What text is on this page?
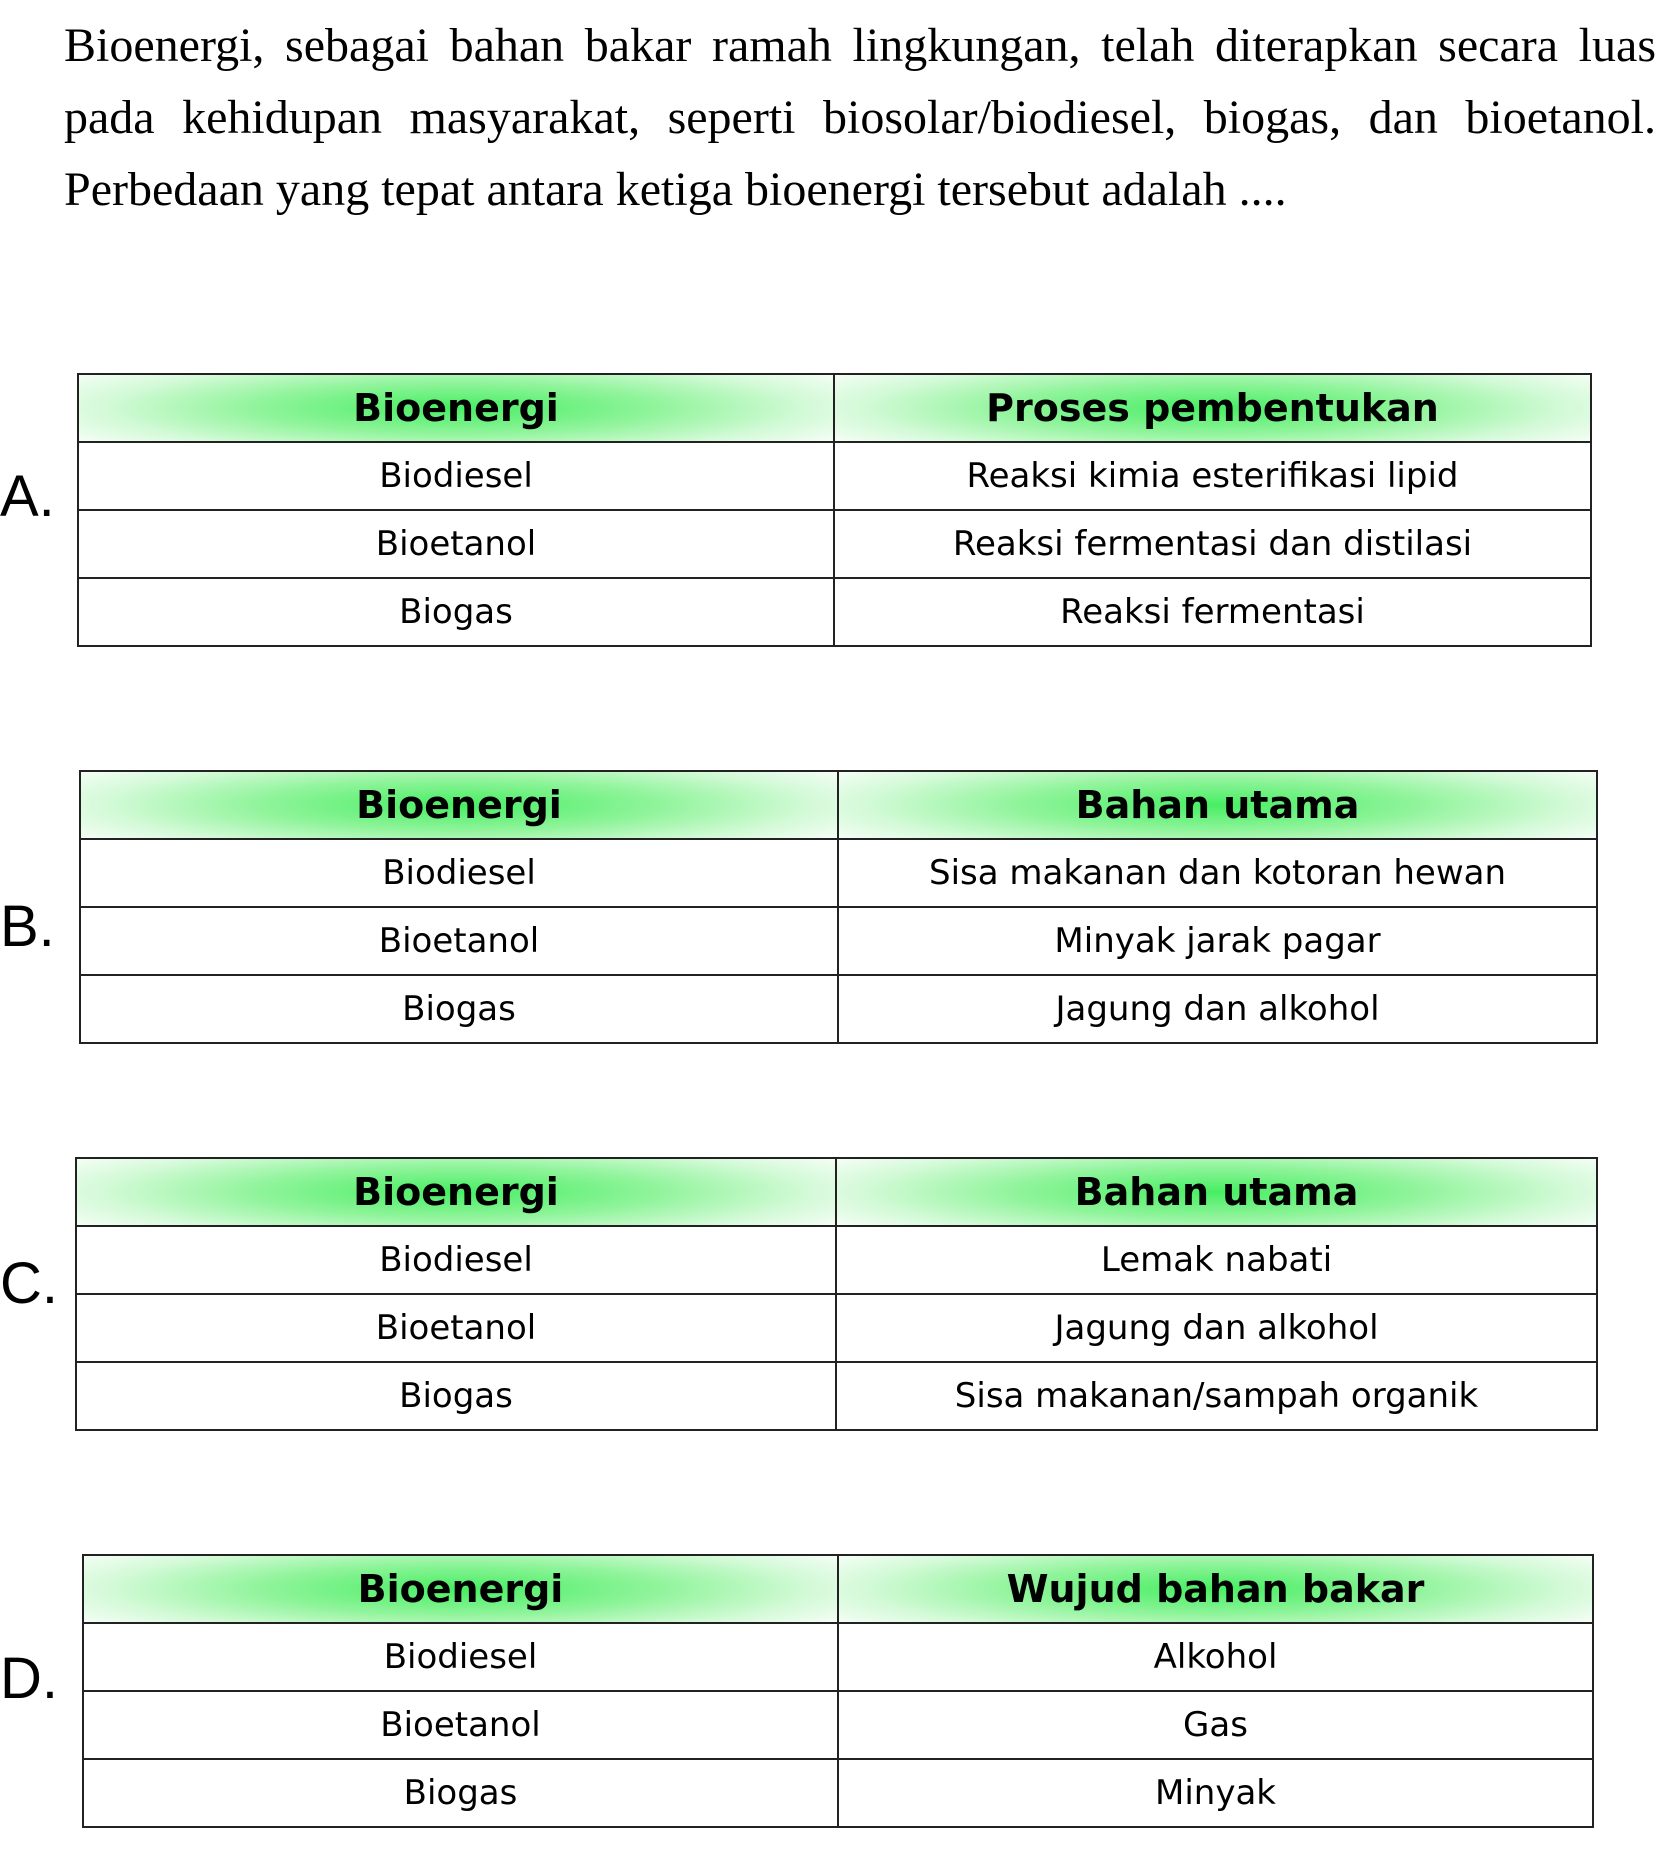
Bioenergi, sebagai bahan bakar ramah lingkungan, telah diterapkan secara luas pada kehidupan masyarakat, seperti biosolar/biodiesel, biogas, dan bioetanol. Perbedaan yang tepat antara ketiga bioenergi tersebut adalah ....

A.
Bioenergi	Proses pembentukan
Biodiesel	Reaksi kimia esterifikasi lipid
Bioetanol	Reaksi fermentasi dan distilasi
Biogas	Reaksi fermentasi
B.
Bioenergi	Bahan utama
Biodiesel	Sisa makanan dan kotoran hewan
Bioetanol	Minyak jarak pagar
Biogas	Jagung dan alkohol
C.
Bioenergi	Bahan utama
Biodiesel	Lemak nabati
Bioetanol	Jagung dan alkohol
Biogas	Sisa makanan/sampah organik
D.
Bioenergi	Wujud bahan bakar
Biodiesel	Alkohol
Bioetanol	Gas
Biogas	Minyak
